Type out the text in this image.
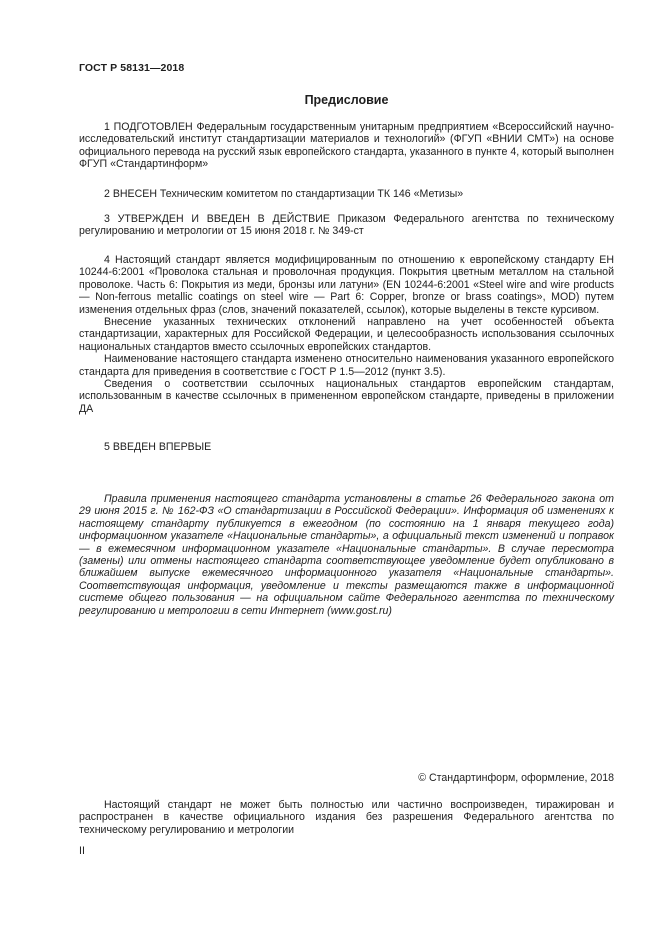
ГОСТ Р 58131—2018
Предисловие

1 ПОДГОТОВЛЕН Федеральным государственным унитарным предприятием «Всероссийский научно-исследовательский институт стандартизации материалов и технологий» (ФГУП «ВНИИ СМТ») на основе официального перевода на русский язык европейского стандарта, указанного в пункте 4, который выполнен ФГУП «Стандартинформ»

2 ВНЕСЕН Техническим комитетом по стандартизации ТК 146 «Метизы»

3 УТВЕРЖДЕН И ВВЕДЕН В ДЕЙСТВИЕ Приказом Федерального агентства по техническому регулированию и метрологии от 15 июня 2018 г. № 349-ст

4 Настоящий стандарт является модифицированным по отношению к европейскому стандарту ЕН 10244-6:2001 «Проволока стальная и проволочная продукция. Покрытия цветным металлом на стальной проволоке. Часть 6: Покрытия из меди, бронзы или латуни» (EN 10244-6:2001 «Steel wire and wire products — Non-ferrous metallic coatings on steel wire — Part 6: Copper, bronze or brass coatings», MOD) путем изменения отдельных фраз (слов, значений показателей, ссылок), которые выделены в тексте курсивом.

Внесение указанных технических отклонений направлено на учет особенностей объекта стандартизации, характерных для Российской Федерации, и целесообразность использования ссылочных национальных стандартов вместо ссылочных европейских стандартов.

Наименование настоящего стандарта изменено относительно наименования указанного европейского стандарта для приведения в соответствие с ГОСТ Р 1.5—2012 (пункт 3.5).

Сведения о соответствии ссылочных национальных стандартов европейским стандартам, использованным в качестве ссылочных в примененном европейском стандарте, приведены в приложении ДА

5 ВВЕДЕН ВПЕРВЫЕ

Правила применения настоящего стандарта установлены в статье 26 Федерального закона от 29 июня 2015 г. № 162-ФЗ «О стандартизации в Российской Федерации». Информация об изменениях к настоящему стандарту публикуется в ежегодном (по состоянию на 1 января текущего года) информационном указателе «Национальные стандарты», а официальный текст изменений и поправок — в ежемесячном информационном указателе «Национальные стандарты». В случае пересмотра (замены) или отмены настоящего стандарта соответствующее уведомление будет опубликовано в ближайшем выпуске ежемесячного информационного указателя «Национальные стандарты». Соответствующая информация, уведомление и тексты размещаются также в информационной системе общего пользования — на официальном сайте Федерального агентства по техническому регулированию и метрологии в сети Интернет (www.gost.ru)

© Стандартинформ, оформление, 2018

Настоящий стандарт не может быть полностью или частично воспроизведен, тиражирован и распространен в качестве официального издания без разрешения Федерального агентства по техническому регулированию и метрологии

II
